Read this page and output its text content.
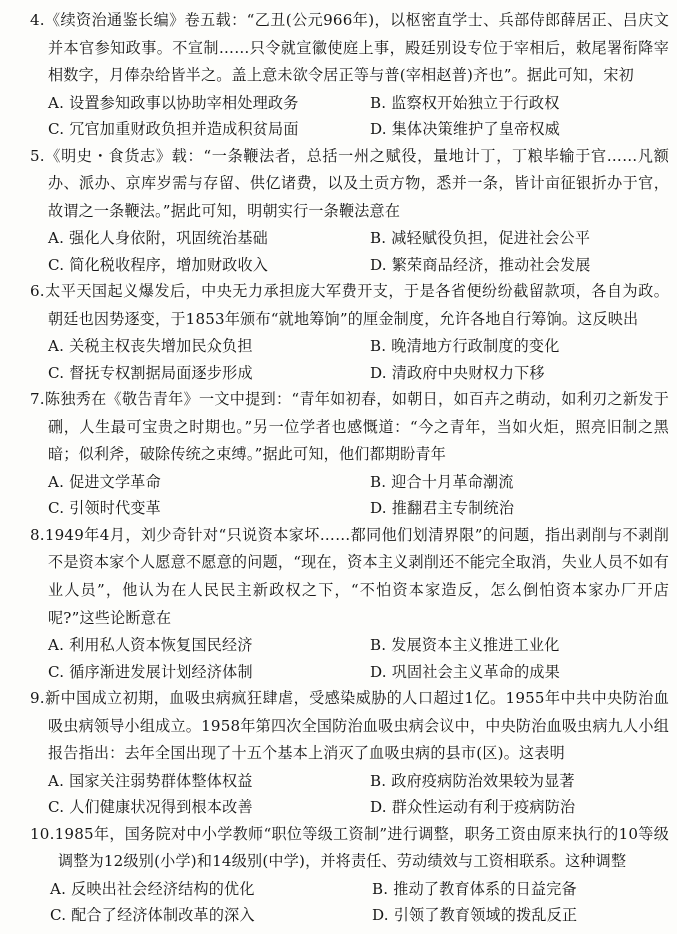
4.《续资治通鉴长编》卷五载：“乙丑(公元966年)，以枢密直学士、兵部侍郎薛居正、吕庆文并本官参知政事。不宣制……只令就宣徽使庭上事，殿廷别设专位于宰相后，敕尾署衔降宰相数字，月俸杂给皆半之。盖上意未欲令居正等与普(宰相赵普)齐也”。据此可知，宋初

A. 设置参知政事以协助宰相处理政务	B. 监察权开始独立于行政权
C. 冗官加重财政负担并造成积贫局面	D. 集体决策维护了皇帝权威

5.《明史・食货志》载：“一条鞭法者，总括一州之赋役，量地计丁，丁粮毕输于官……凡额办、派办、京库岁需与存留、供亿诸费，以及土贡方物，悉并一条，皆计亩征银折办于官，故谓之一条鞭法。”据此可知，明朝实行一条鞭法意在

A. 强化人身依附，巩固统治基础	B. 减轻赋役负担，促进社会公平
C. 简化税收程序，增加财政收入	D. 繁荣商品经济，推动社会发展

6.太平天国起义爆发后，中央无力承担庞大军费开支，于是各省便纷纷截留款项，各自为政。朝廷也因势逐变，于1853年颁布“就地筹饷”的厘金制度，允许各地自行筹饷。这反映出

A. 关税主权丧失增加民众负担	B. 晚清地方行政制度的变化
C. 督抚专权割据局面逐步形成	D. 清政府中央财权力下移

7.陈独秀在《敬告青年》一文中提到：“青年如初春，如朝日，如百卉之萌动，如利刃之新发于硎，人生最可宝贵之时期也。”另一位学者也感慨道：“今之青年，当如火炬，照亮旧制之黑暗；似利斧，破除传统之束缚。”据此可知，他们都期盼青年

A. 促进文学革命	B. 迎合十月革命潮流
C. 引领时代变革	D. 推翻君主专制统治

8.1949年4月，刘少奇针对“只说资本家坏……都同他们划清界限”的问题，指出剥削与不剥削不是资本家个人愿意不愿意的问题，“现在，资本主义剥削还不能完全取消，失业人员不如有业人员”，他认为在人民民主新政权之下，“不怕资本家造反，怎么倒怕资本家办厂开店呢?”这些论断意在

A. 利用私人资本恢复国民经济	B. 发展资本主义推进工业化
C. 循序渐进发展计划经济体制	D. 巩固社会主义革命的成果

9.新中国成立初期，血吸虫病疯狂肆虐，受感染威胁的人口超过1亿。1955年中共中央防治血吸虫病领导小组成立。1958年第四次全国防治血吸虫病会议中，中央防治血吸虫病九人小组报告指出：去年全国出现了十五个基本上消灭了血吸虫病的县市(区)。这表明

A. 国家关注弱势群体整体权益	B. 政府疫病防治效果较为显著
C. 人们健康状况得到根本改善	D. 群众性运动有利于疫病防治

10.1985年，国务院对中小学教师“职位等级工资制”进行调整，职务工资由原来执行的10等级调整为12级别(小学)和14级别(中学)，并将责任、劳动绩效与工资相联系。这种调整

A. 反映出社会经济结构的优化	B. 推动了教育体系的日益完备
C. 配合了经济体制改革的深入	D. 引领了教育领域的拨乱反正
